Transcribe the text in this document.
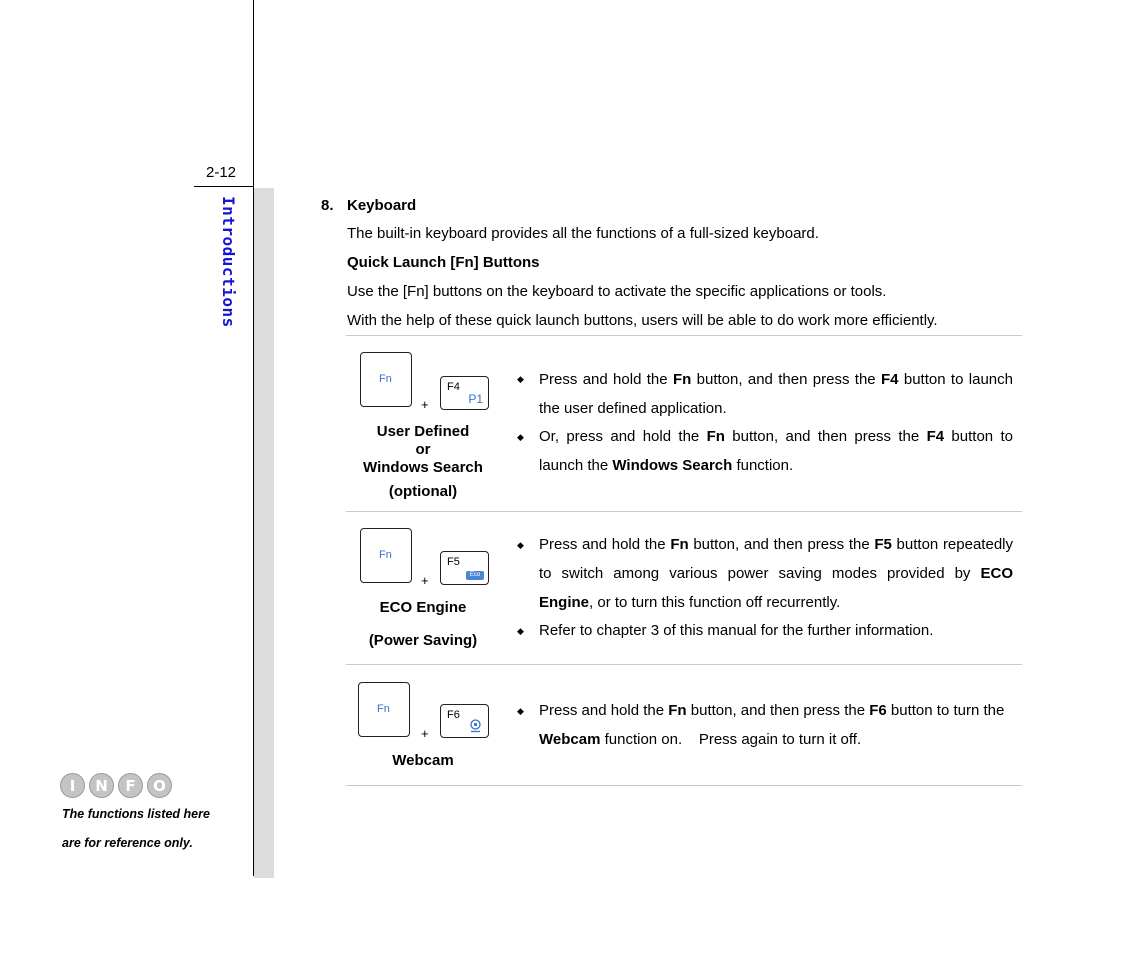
2-12
Introductions
I	N	F	O
The functions listed here
are for reference only.
8. Keyboard
The built-in keyboard provides all the functions of a full-sized keyboard.
Quick Launch [Fn] Buttons
Use the [Fn] buttons on the keyboard to activate the specific applications or tools.
With the help of these quick launch buttons, users will be able to do work more efficiently.
Fn
+
F4
P1
User Defined
or
Windows Search
(optional)
◆ Press and hold the Fn button, and then press the F4 button to launch the user defined application.
◆ Or, press and hold the Fn button, and then press the F4 button to launch the Windows Search function.
Fn
+
F5
Eco
ECO Engine
(Power Saving)
◆ Press and hold the Fn button, and then press the F5 button repeatedly to switch among various power saving modes provided by ECO Engine, or to turn this function off recurrently.
◆ Refer to chapter 3 of this manual for the further information.
Fn
+
F6
Webcam
◆ Press and hold the Fn button, and then press the F6 button to turn the Webcam function on.    Press again to turn it off.
